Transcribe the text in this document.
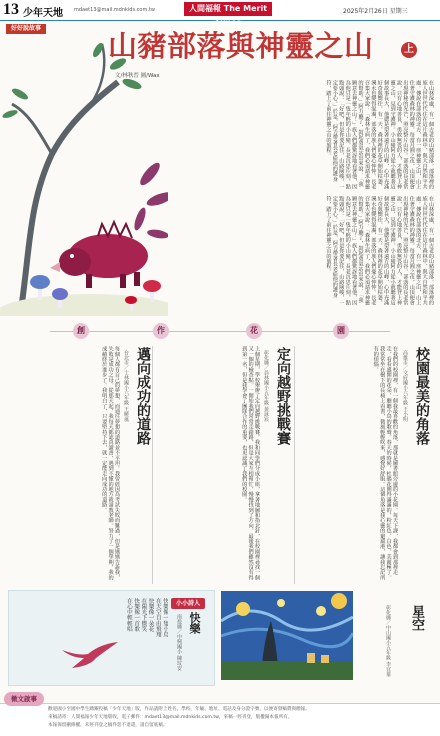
13 少年天地 mdaet13@mail.mdnkids.com.tw	人間福報 The Merit Times
2025年2月26日 星期三
好好說故事
山豬部落與神靈之山	上
文/林秋晉 圖/Wax
在山林深處，有一個古老的山豬部落。部落裡的族人世世代代住在這片森林中，與大自然和平共處。傳說在部落的北方，有一座神靈之山，山上住著守護森林的神靈。每當月圓之夜，山頂便會出現神秘的光芒，照亮整片山谷。部落的長老常說，只有心地善良、勇敢無畏的人，才能登上神靈之山，見到守護神。小山豬阿力從小就聽著這個故事長大，他總是望著遠方的山峰，心中充滿好奇與嚮往。有一天，森林裡的花草開始枯萎，溪水也變得混濁，部落的族人們憂心忡忡。長老召集大家說：「森林生病了，我們必須請求神靈的幫助。」阿力聽了，鼓起勇氣站出來說：「我願意去神靈之山！」族人們都驚訝地看著他，因為他只是一隻年輕的小山豬。長老沉思片刻，點點頭說：「好吧，但是你要記住，山路險峻，一定要小心。」於是，阿力帶著長老給他的護身符，踏上了前往神靈之山的旅程。
在山林深處，有一個古老的山豬部落。部落裡的族人世世代代住在這片森林中，與大自然和平共處。傳說在部落的北方，有一座神靈之山，山上住著守護森林的神靈。每當月圓之夜，山頂便會出現神秘的光芒，照亮整片山谷。部落的長老常說，只有心地善良、勇敢無畏的人，才能登上神靈之山，見到守護神。小山豬阿力從小就聽著這個故事長大，他總是望著遠方的山峰，心中充滿好奇與嚮往。有一天，森林裡的花草開始枯萎，溪水也變得混濁，部落的族人們憂心忡忡。長老召集大家說：「森林生病了，我們必須請求神靈的幫助。」阿力聽了，鼓起勇氣站出來說：「我願意去神靈之山！」族人們都驚訝地看著他，因為他只是一隻年輕的小山豬。長老沉思片刻，點點頭說：「好吧，但是你要記住，山路險峻，一定要小心。」於是，阿力帶著長老給他的護身符，踏上了前往神靈之山的旅程。
創	作	花	園
校園最美的角落
高雄市／文府國小六年級 王小明
在我們的校園裡，有一個我最喜歡的角落，那就是圖書館旁邊的小花園。每天下課，我都會到那裡走走，看看盛開的花朵，聽聽小鳥的歌聲。春天的時候，杜鵑花開得滿滿的，粉紅色、白色，美麗極了。我常常坐在樹下的長椅上看書，微風輕輕吹來，感覺好舒服。這個角落是我心靈的避風港，讓我忘記所有的煩惱。
定向越野挑戰賽
彰化縣／員林國小五年級 黃詠宸
上個星期，學校舉辦了定向越野挑戰賽。我和同學們分成小組，拿著地圖和指北針，在校園裡尋找一個又一個的檢查點。一開始我們常常走錯路，但是大家互相幫忙，慢慢找到了方向。最後我們雖然沒有得到第一名，但是我學會了團隊合作的重要，也更認識了我們的校園。
邁向成功的道路
台北市／士林國小六年級 王曉嵐
每個人都有自己的夢想，而通往夢想的道路並不平坦。我曾經因為考試失敗而難過，但是媽媽告訴我，失敗是成功之母。從那天起，我每天都認真讀書，遇到不懂的地方就請教老師。努力了一個學期，我的成績終於進步了。我明白了，只要堅持下去，就一定能走向成功的道路。
小小詩人
快樂
南投縣／中興國小 陳玟安
快樂像一隻小鳥
在天空自由飛翔
快樂像一朵花
在陽光下微笑
快樂像一首歌
在心中輕輕唱	星空
彰化縣／中山國小五年級 李宜蓁
徵文啟事
歡迎國小至國中學生踴躍投稿「少年天地」版，作品請附上姓名、學校、年級、地址、電話及身分證字號，以便寄發稿費與贈報。
來稿請寄：人間福報少年天地版收，電子郵件：mdaet13@mail.mdnkids.com.tw，來稿一經刊登，版權歸本報所有。
本報保留刪修權，未經刊登之稿件恕不退還，請自留底稿。
